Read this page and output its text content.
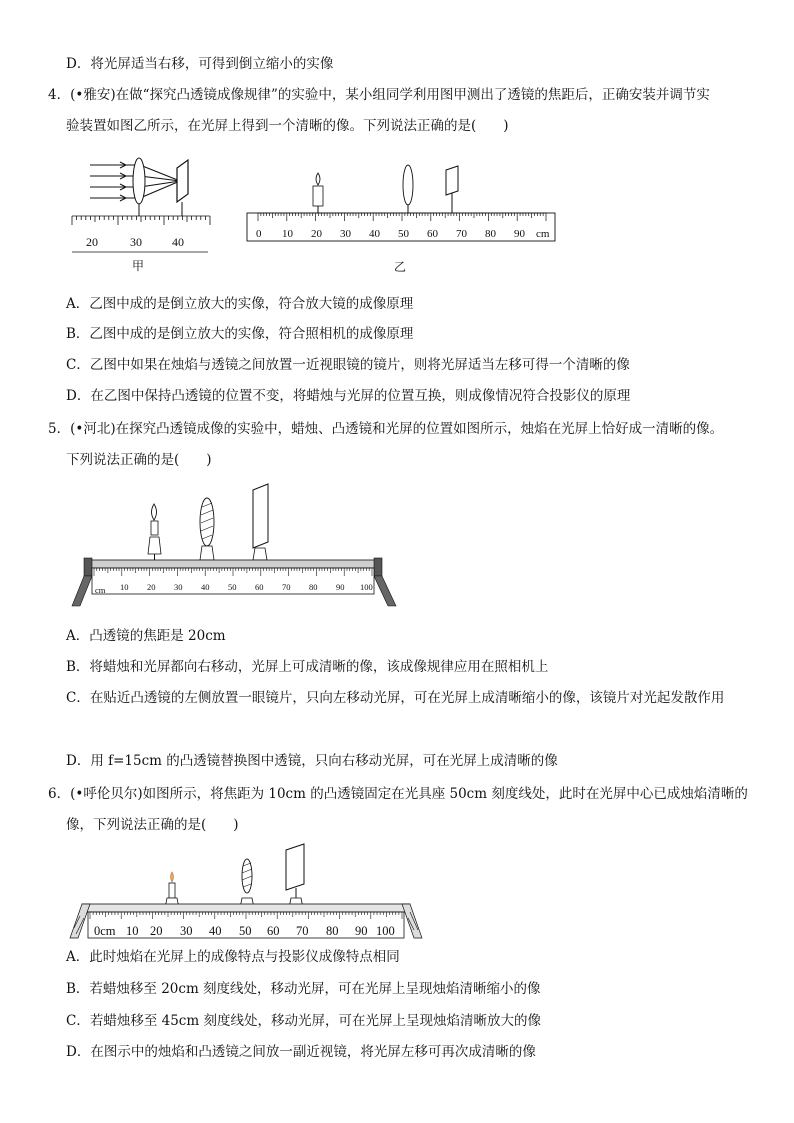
D．将光屏适当右移，可得到倒立缩小的实像
4．(•雅安)在做“探究凸透镜成像规律”的实验中，某小组同学利用图甲测出了透镜的焦距后，正确安装并调节实
验装置如图乙所示，在光屏上得到一个清晰的像。下列说法正确的是(　　)
20	30	40
甲
0 10 20 30 40 50 60 70 80 90 cm
乙
A．乙图中成的是倒立放大的实像，符合放大镜的成像原理
B．乙图中成的是倒立放大的实像，符合照相机的成像原理
C．乙图中如果在烛焰与透镜之间放置一近视眼镜的镜片，则将光屏适当左移可得一个清晰的像
D．在乙图中保持凸透镜的位置不变，将蜡烛与光屏的位置互换，则成像情况符合投影仪的原理
5．(•河北)在探究凸透镜成像的实验中，蜡烛、凸透镜和光屏的位置如图所示，烛焰在光屏上恰好成一清晰的像。
下列说法正确的是(　　)
cm 10 20 30 40 50 60 70 80 90 100
A．凸透镜的焦距是 20cm
B．将蜡烛和光屏都向右移动，光屏上可成清晰的像，该成像规律应用在照相机上
C．在贴近凸透镜的左侧放置一眼镜片，只向左移动光屏，可在光屏上成清晰缩小的像，该镜片对光起发散作用
D．用 f=15cm 的凸透镜替换图中透镜，只向右移动光屏，可在光屏上成清晰的像
6．(•呼伦贝尔)如图所示，将焦距为 10cm 的凸透镜固定在光具座 50cm 刻度线处，此时在光屏中心已成烛焰清晰的
像，下列说法正确的是(　　)
0cm 10 20 30 40 50 60 70 80 90 100
A．此时烛焰在光屏上的成像特点与投影仪成像特点相同
B．若蜡烛移至 20cm 刻度线处，移动光屏，可在光屏上呈现烛焰清晰缩小的像
C．若蜡烛移至 45cm 刻度线处，移动光屏，可在光屏上呈现烛焰清晰放大的像
D．在图示中的烛焰和凸透镜之间放一副近视镜，将光屏左移可再次成清晰的像
